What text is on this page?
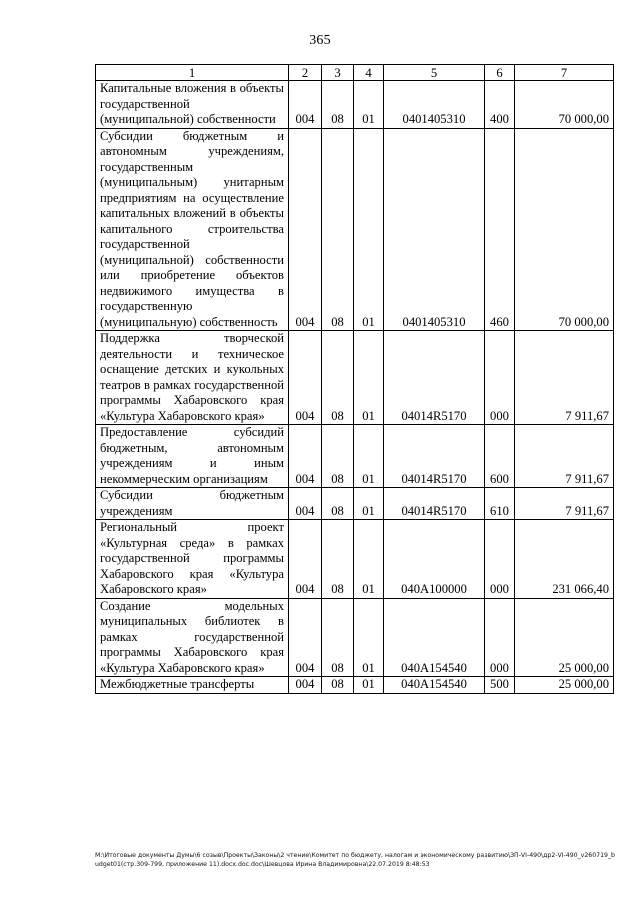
365
1	2	3	4	5	6	7
Капитальные вложения в объекты государственной (муниципальной) собственности	004	08	01	0401405310	400	70 000,00
Субсидии бюджетным и автономным учреждениям, государственным (муниципальным) унитарным предприятиям на осуществление капитальных вложений в объекты капитального строительства государственной (муниципальной) собственности или приобретение объектов недвижимого имущества в государственную (муниципальную) собственность	004	08	01	0401405310	460	70 000,00
Поддержка творческой деятельности и техническое оснащение детских и кукольных театров в рамках государственной программы Хабаровского края «Культура Хабаровского края»	004	08	01	04014R5170	000	7 911,67
Предоставление субсидий бюджетным, автономным учреждениям и иным некоммерческим организациям	004	08	01	04014R5170	600	7 911,67
Субсидии бюджетным учреждениям	004	08	01	04014R5170	610	7 911,67
Региональный проект «Культурная среда» в рамках государственной программы Хабаровского края «Культура Хабаровского края»	004	08	01	040A100000	000	231 066,40
Создание модельных муниципальных библиотек в рамках государственной программы Хабаровского края «Культура Хабаровского края»	004	08	01	040A154540	000	25 000,00
Межбюджетные трансферты	004	08	01	040A154540	500	25 000,00
М:\Итоговые документы Думы\6 созыв\Проекты\Законы\2 чтение\Комитет по бюджету, налогам и экономическому развитию\ЗП-VI-490\др2-VI-490_v260719_budget01(стр.309-799, приложение 11).docx.doc.doc\Шевцова Ирина Владимировна\22.07.2019 8:48:53
